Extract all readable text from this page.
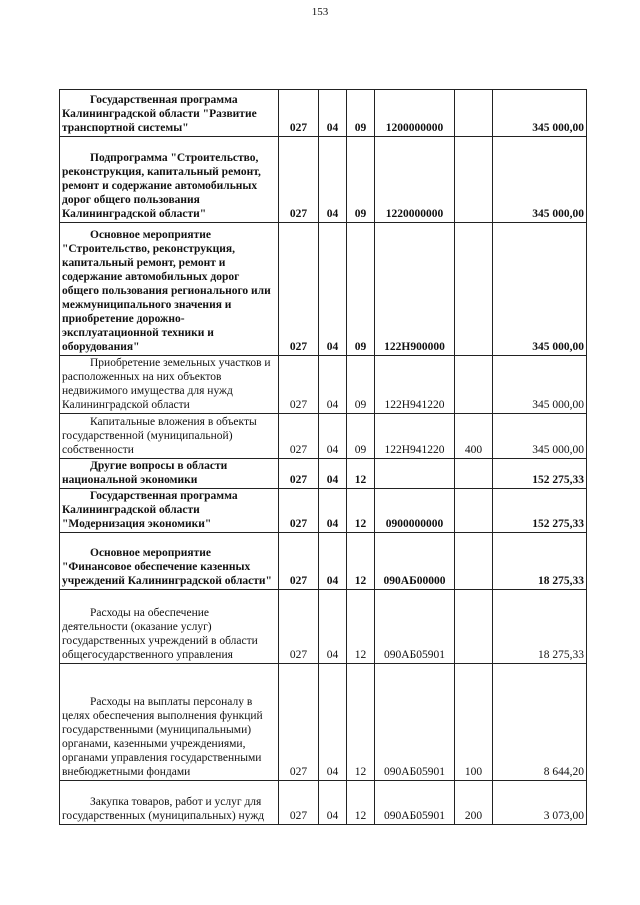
153
Государственная программа Калининградской области "Развитие транспортной системы"	027	04	09	1200000000		345 000,00
Подпрограмма "Строительство, реконструкция, капитальный ремонт, ремонт и содержание автомобильных дорог общего пользования Калининградской области"	027	04	09	1220000000		345 000,00
Основное мероприятие "Строительство, реконструкция, капитальный ремонт, ремонт и содержание автомобильных дорог общего пользования регионального или межмуниципального значения и приобретение дорожно-эксплуатационной техники и оборудования"	027	04	09	122Н900000		345 000,00
Приобретение земельных участков и расположенных на них объектов недвижимого имущества для нужд Калининградской области	027	04	09	122Н941220		345 000,00
Капитальные вложения в объекты государственной (муниципальной) собственности	027	04	09	122Н941220	400	345 000,00
Другие вопросы в области национальной экономики	027	04	12			152 275,33
Государственная программа Калининградской области "Модернизация экономики"	027	04	12	0900000000		152 275,33
Основное мероприятие "Финансовое обеспечение казенных учреждений Калининградской области"	027	04	12	090АБ00000		18 275,33
Расходы на обеспечение деятельности (оказание услуг) государственных учреждений в области общегосударственного управления	027	04	12	090АБ05901		18 275,33
Расходы на выплаты персоналу в целях обеспечения выполнения функций государственными (муниципальными) органами, казенными учреждениями, органами управления государственными внебюджетными фондами	027	04	12	090АБ05901	100	8 644,20
Закупка товаров, работ и услуг для государственных (муниципальных) нужд	027	04	12	090АБ05901	200	3 073,00
